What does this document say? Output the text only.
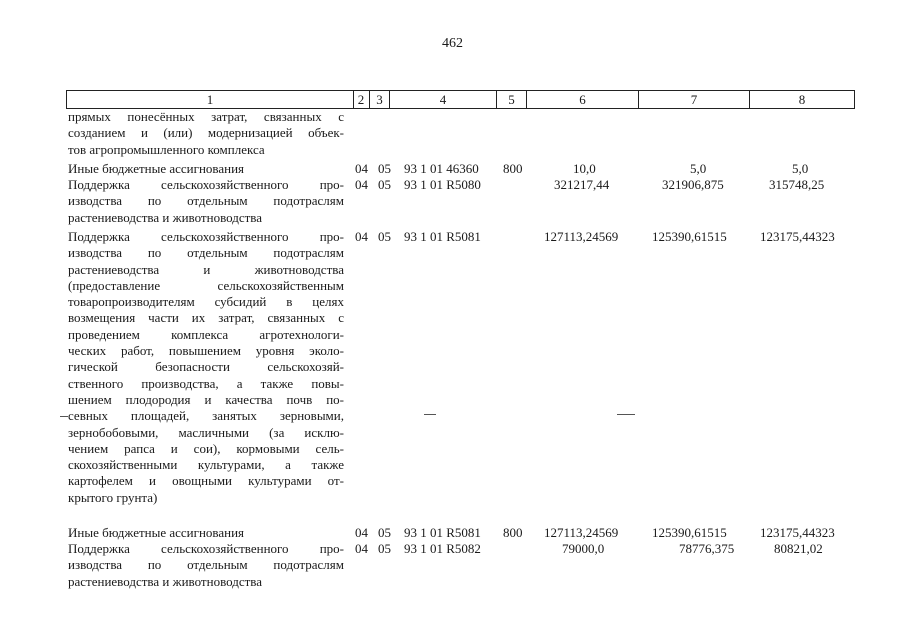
462
1	2 3	4	5	6	7	8
прямых понесённых затрат, связанных с
созданием и (или) модернизацией объек-
тов агропромышленного комплекса
Иные бюджетные ассигнования	04 05 93 1 01 46360 800	10,0	5,0	5,0
Поддержка сельскохозяйственного про-
изводства по отдельным подотраслям
растениеводства и животноводства
04 05 93 1 01 R5080	321217,44	321906,875	315748,25
Поддержка сельскохозяйственного про-
изводства по отдельным подотраслям
растениеводства и животноводства
(предоставление сельскохозяйственным
товаропроизводителям субсидий в целях
возмещения части их затрат, связанных с
проведением комплекса агротехнологи-
ческих работ, повышением уровня эколо-
гической безопасности сельскохозяй-
ственного производства, а также повы-
шением плодородия и качества почв по-
севных площадей, занятых зерновыми,
зернобобовыми, масличными (за исклю-
чением рапса и сои), кормовыми сель-
скохозяйственными культурами, а также
картофелем и овощными культурами от-
крытого грунта)
04 05 93 1 01 R5081	127113,24569	125390,61515	123175,44323
Иные бюджетные ассигнования	04 05 93 1 01 R5081 800 127113,24569	125390,61515	123175,44323
Поддержка сельскохозяйственного про-
изводства по отдельным подотраслям
растениеводства и животноводства
04 05 93 1 01 R5082	79000,0	78776,375	80821,02
